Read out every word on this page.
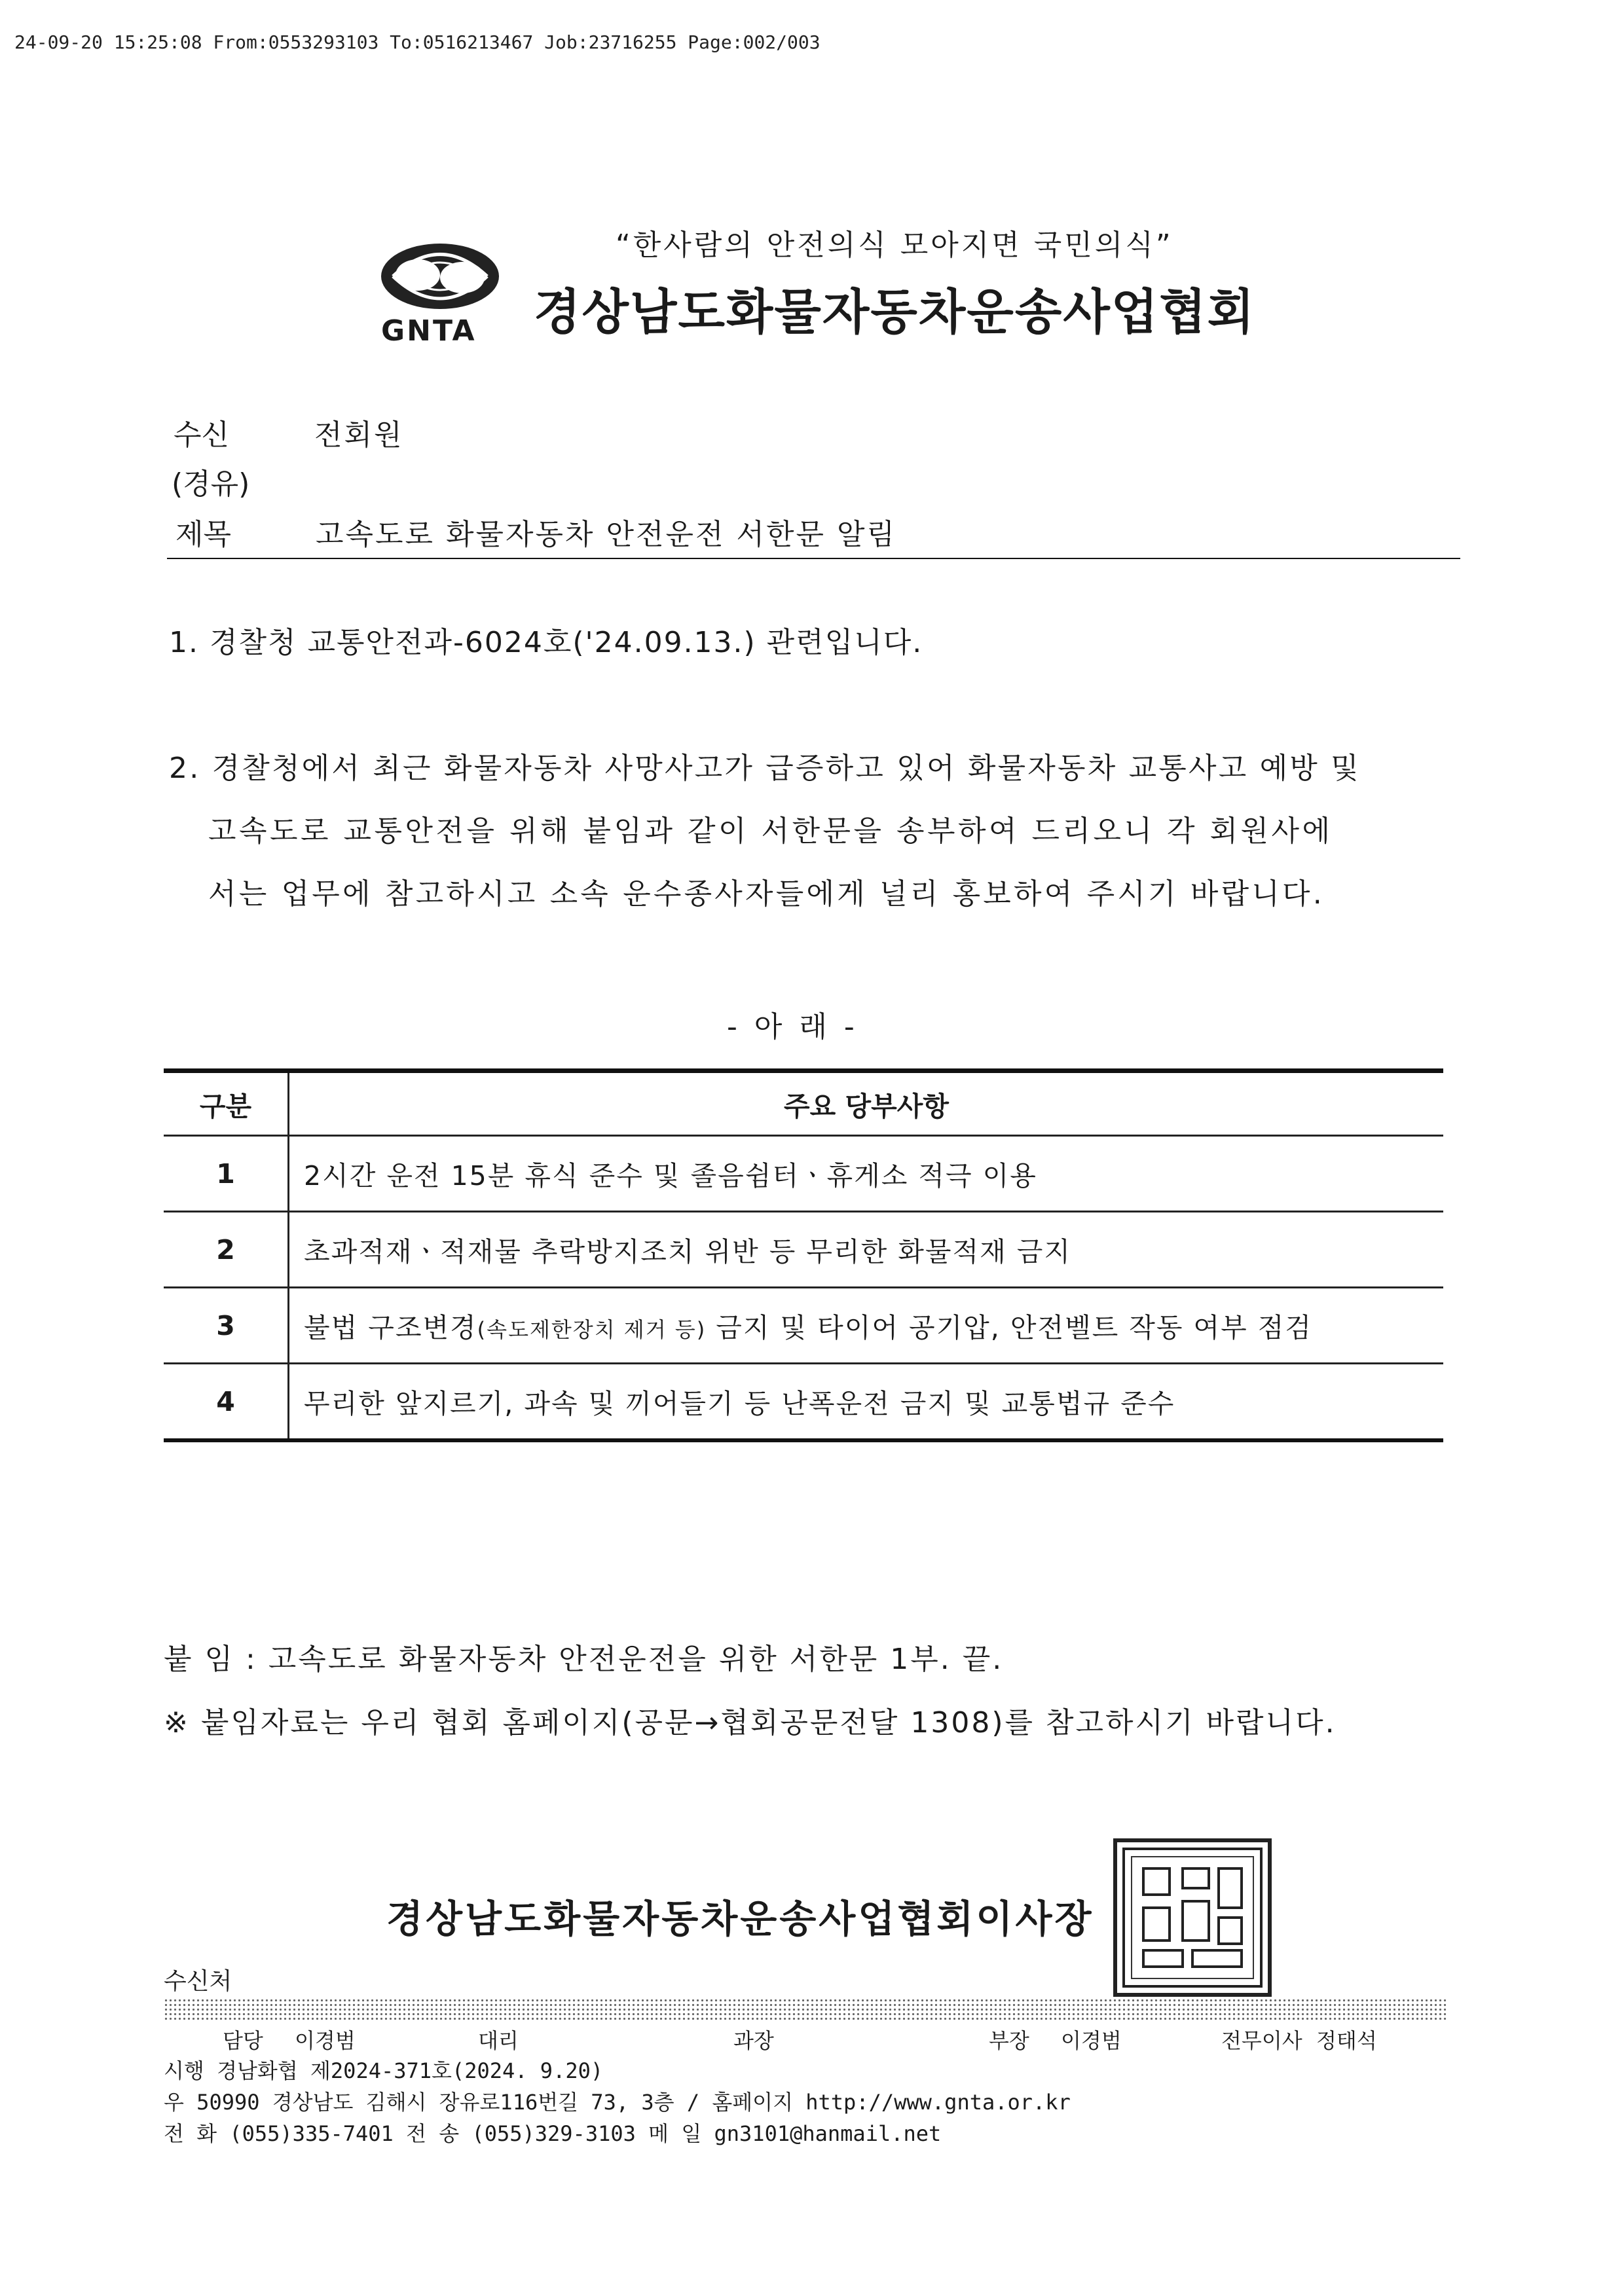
24-09-20 15:25:08 From:0553293103 To:0516213467 Job:23716255 Page:002/003
“한사람의 안전의식 모아지면 국민의식”
GNTA 경상남도화물자동차운송사업협회
수신	전회원
(경유)
제목	고속도로 화물자동차 안전운전 서한문 알림
1. 경찰청 교통안전과-6024호('24.09.13.) 관련입니다.
2. 경찰청에서 최근 화물자동차 사망사고가 급증하고 있어 화물자동차 교통사고 예방 및
고속도로 교통안전을 위해 붙임과 같이 서한문을 송부하여 드리오니 각 회원사에
서는 업무에 참고하시고 소속 운수종사자들에게 널리 홍보하여 주시기 바랍니다.
- 아 래 -
구분	주요 당부사항
1	2시간 운전 15분 휴식 준수 및 졸음쉼터ㆍ휴게소 적극 이용
2	초과적재ㆍ적재물 추락방지조치 위반 등 무리한 화물적재 금지
3	불법 구조변경(속도제한장치 제거 등) 금지 및 타이어 공기압, 안전벨트 작동 여부 점검
4	무리한 앞지르기, 과속 및 끼어들기 등 난폭운전 금지 및 교통법규 준수
붙 임 : 고속도로 화물자동차 안전운전을 위한 서한문 1부. 끝.
※ 붙임자료는 우리 협회 홈페이지(공문→협회공문전달 1308)를 참고하시기 바랍니다.
경상남도화물자동차운송사업협회이사장
수신처
담당 이경범	대리	과장	부장 이경범	전무이사 정태석
시행 경남화협 제2024-371호(2024. 9.20)
우 50990 경상남도 김해시 장유로116번길 73, 3층 / 홈페이지 http://www.gnta.or.kr
전 화 (055)335-7401 전 송 (055)329-3103 메 일 gn3101@hanmail.net
